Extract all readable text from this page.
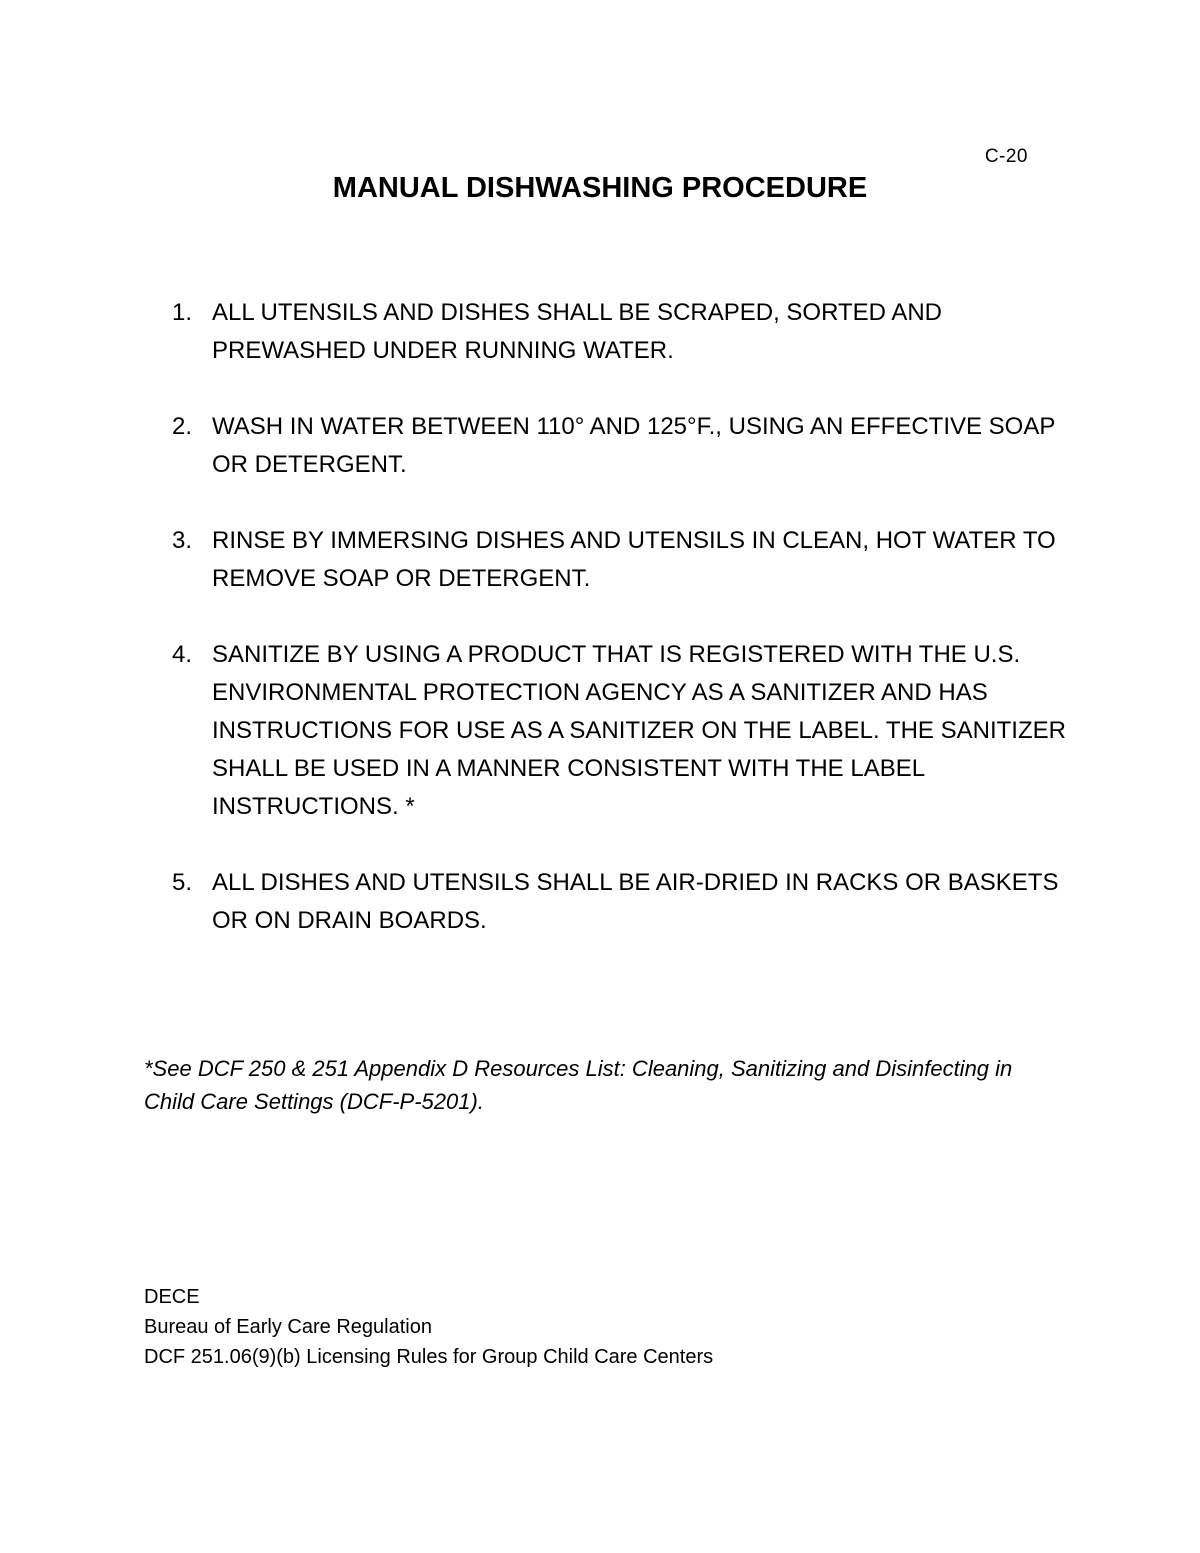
C-20
MANUAL DISHWASHING PROCEDURE
1. ALL UTENSILS AND DISHES SHALL BE SCRAPED, SORTED AND PREWASHED UNDER RUNNING WATER.
2. WASH IN WATER BETWEEN 110° AND 125°F., USING AN EFFECTIVE SOAP OR DETERGENT.
3. RINSE BY IMMERSING DISHES AND UTENSILS IN CLEAN, HOT WATER TO REMOVE SOAP OR DETERGENT.
4. SANITIZE BY USING A PRODUCT THAT IS REGISTERED WITH THE U.S. ENVIRONMENTAL PROTECTION AGENCY AS A SANITIZER AND HAS INSTRUCTIONS FOR USE AS A SANITIZER ON THE LABEL. THE SANITIZER SHALL BE USED IN A MANNER CONSISTENT WITH THE LABEL INSTRUCTIONS. *
5. ALL DISHES AND UTENSILS SHALL BE AIR-DRIED IN RACKS OR BASKETS OR ON DRAIN BOARDS.
*See DCF 250 & 251 Appendix D Resources List: Cleaning, Sanitizing and Disinfecting in Child Care Settings (DCF-P-5201).
DECE
Bureau of Early Care Regulation
DCF 251.06(9)(b) Licensing Rules for Group Child Care Centers
